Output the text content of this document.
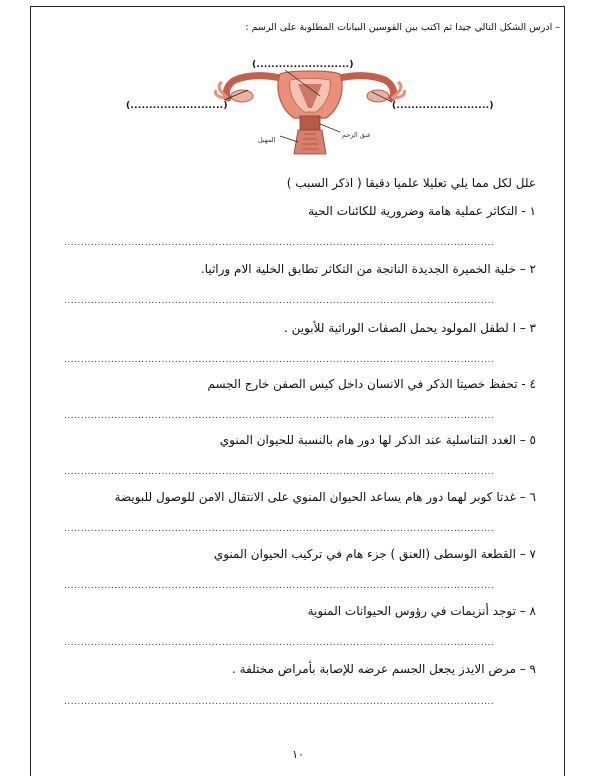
– ادرس الشكل التالي جيدا ثم اكتب بين القوسين البيانات المطلوبة على الرسم :
(.........................)
(.........................)	(.........................)
عنق الرحم
المهبل
علل لكل مما يلي تعليلا علميا دقيقا ( اذكر السبب )
١ - التكاثر عملية هامة وضرورية للكائنات الحية
................................................................................................................................
٢ – خلية الخميرة الجديدة الناتجة من التكاثر تطابق الخلية الام وراثيا.
................................................................................................................................
٣ – ا لطفل المولود يحمل الصفات الوراثية للأبوين .
................................................................................................................................
٤ - تحفظ خصيتا الذكر في الانسان داخل كيس الصفن خارج الجسم
................................................................................................................................
٥ – الغدد التناسلية عند الذكر لها دور هام بالنسبة للحيوان المنوي
................................................................................................................................
٦ – غدتا كوبر لهما دور هام يساعد الحيوان المنوي على الانتقال الامن للوصول للبويضة
................................................................................................................................
٧ – القطعة الوسطى (العنق ) جزء هام في تركيب الحيوان المنوي
................................................................................................................................
٨ – توجد أنزيمات في رؤوس الحيوانات المنوية
................................................................................................................................
٩ – مرض الايدز يجعل الجسم عرضه للإصابة بأمراض مختلفة .
................................................................................................................................
١٠
